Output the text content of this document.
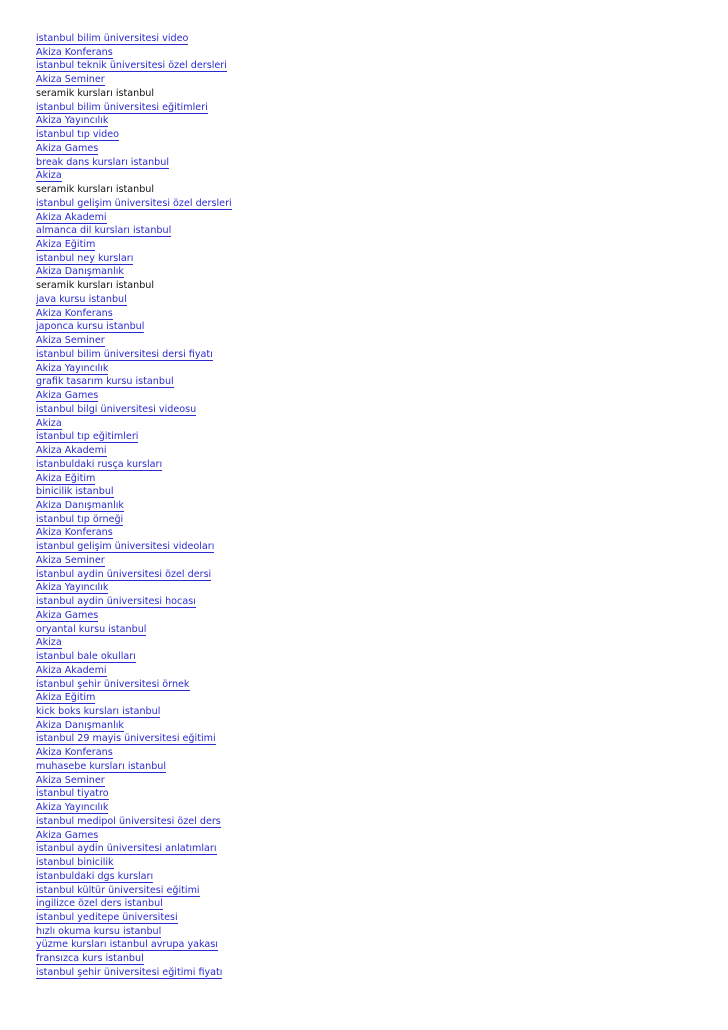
istanbul bilim üniversitesi video
Akiza Konferans
istanbul teknik üniversitesi özel dersleri
Akiza Seminer
seramik kursları istanbul
istanbul bilim üniversitesi eğitimleri
Akiza Yayıncılık
istanbul tıp video
Akiza Games
break dans kursları istanbul
Akiza
seramik kursları istanbul
istanbul gelişim üniversitesi özel dersleri
Akiza Akademi
almanca dil kursları istanbul
Akiza Eğitim
istanbul ney kursları
Akiza Danışmanlık
seramik kursları istanbul
java kursu istanbul
Akiza Konferans
japonca kursu istanbul
Akiza Seminer
istanbul bilim üniversitesi dersi fiyatı
Akiza Yayıncılık
grafik tasarım kursu istanbul
Akiza Games
istanbul bilgi üniversitesi videosu
Akiza
istanbul tıp eğitimleri
Akiza Akademi
istanbuldaki rusça kursları
Akiza Eğitim
binicilik istanbul
Akiza Danışmanlık
istanbul tıp örneği
Akiza Konferans
istanbul gelişim üniversitesi videoları
Akiza Seminer
istanbul aydin üniversitesi özel dersi
Akiza Yayıncılık
istanbul aydin üniversitesi hocası
Akiza Games
oryantal kursu istanbul
Akiza
istanbul bale okulları
Akiza Akademi
istanbul şehir üniversitesi örnek
Akiza Eğitim
kick boks kursları istanbul
Akiza Danışmanlık
istanbul 29 mayis üniversitesi eğitimi
Akiza Konferans
muhasebe kursları istanbul
Akiza Seminer
istanbul tiyatro
Akiza Yayıncılık
istanbul medipol üniversitesi özel ders
Akiza Games
istanbul aydin üniversitesi anlatımları
istanbul binicilik
istanbuldaki dgs kursları
istanbul kültür üniversitesi eğitimi
ingilizce özel ders istanbul
istanbul yeditepe üniversitesi
hızlı okuma kursu istanbul
yüzme kursları istanbul avrupa yakası
fransızca kurs istanbul
istanbul şehir üniversitesi eğitimi fiyatı
